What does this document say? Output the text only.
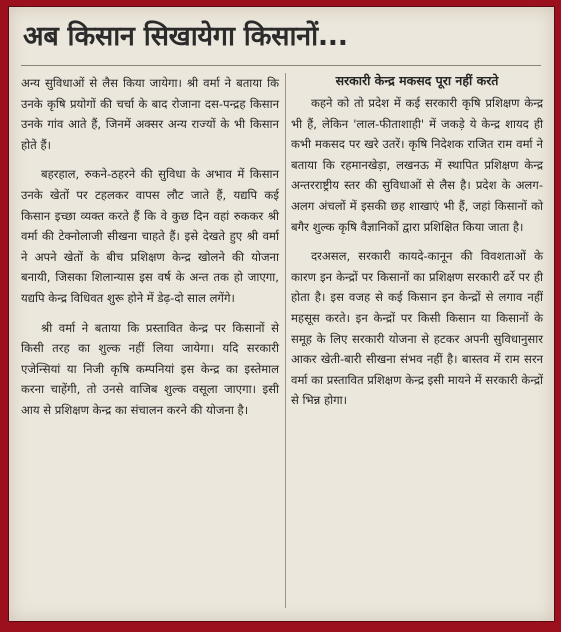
अब किसान सिखायेगा किसानों...

अन्य सुविधाओं से लैस किया जायेगा। श्री वर्मा ने बताया कि उनके कृषि प्रयोगों की चर्चा के बाद रोजाना दस-पन्द्रह किसान उनके गांव आते हैं, जिनमें अक्सर अन्य राज्यों के भी किसान होते हैं।

बहरहाल, रुकने-ठहरने की सुविधा के अभाव में किसान उनके खेतों पर टहलकर वापस लौट जाते हैं, यद्यपि कई किसान इच्छा व्यक्त करते हैं कि वे कुछ दिन वहां रुककर श्री वर्मा की टेक्नोलाजी सीखना चाहते हैं। इसे देखते हुए श्री वर्मा ने अपने खेतों के बीच प्रशिक्षण केन्द्र खोलने की योजना बनायी, जिसका शिलान्यास इस वर्ष के अन्त तक हो जाएगा, यद्यपि केन्द्र विधिवत शुरू होने में डेढ़-दो साल लगेंगे।

श्री वर्मा ने बताया कि प्रस्तावित केन्द्र पर किसानों से किसी तरह का शुल्क नहीं लिया जायेगा। यदि सरकारी एजेन्सियां या निजी कृषि कम्पनियां इस केन्द्र का इस्तेमाल करना चाहेंगी, तो उनसे वाजिब शुल्क वसूला जाएगा। इसी आय से प्रशिक्षण केन्द्र का संचालन करने की योजना है।

सरकारी केन्द्र मकसद पूरा नहीं करते

कहने को तो प्रदेश में कई सरकारी कृषि प्रशिक्षण केन्द्र भी हैं, लेकिन 'लाल-फीताशाही' में जकड़े ये केन्द्र शायद ही कभी मकसद पर खरे उतरें। कृषि निदेशक राजित राम वर्मा ने बताया कि रहमानखेड़ा, लखनऊ में स्थापित प्रशिक्षण केन्द्र अन्तरराष्ट्रीय स्तर की सुविधाओं से लैस है। प्रदेश के अलग-अलग अंचलों में इसकी छह शाखाएं भी हैं, जहां किसानों को बगैर शुल्क कृषि वैज्ञानिकों द्वारा प्रशिक्षित किया जाता है।

दरअसल, सरकारी कायदे-कानून की विवशताओं के कारण इन केन्द्रों पर किसानों का प्रशिक्षण सरकारी ढर्रे पर ही होता है। इस वजह से कई किसान इन केन्द्रों से लगाव नहीं महसूस करते। इन केन्द्रों पर किसी किसान या किसानों के समूह के लिए सरकारी योजना से हटकर अपनी सुविधानुसार आकर खेती-बारी सीखना संभव नहीं है। बास्तव में राम सरन वर्मा का प्रस्तावित प्रशिक्षण केन्द्र इसी मायने में सरकारी केन्द्रों से भिन्न होगा।
